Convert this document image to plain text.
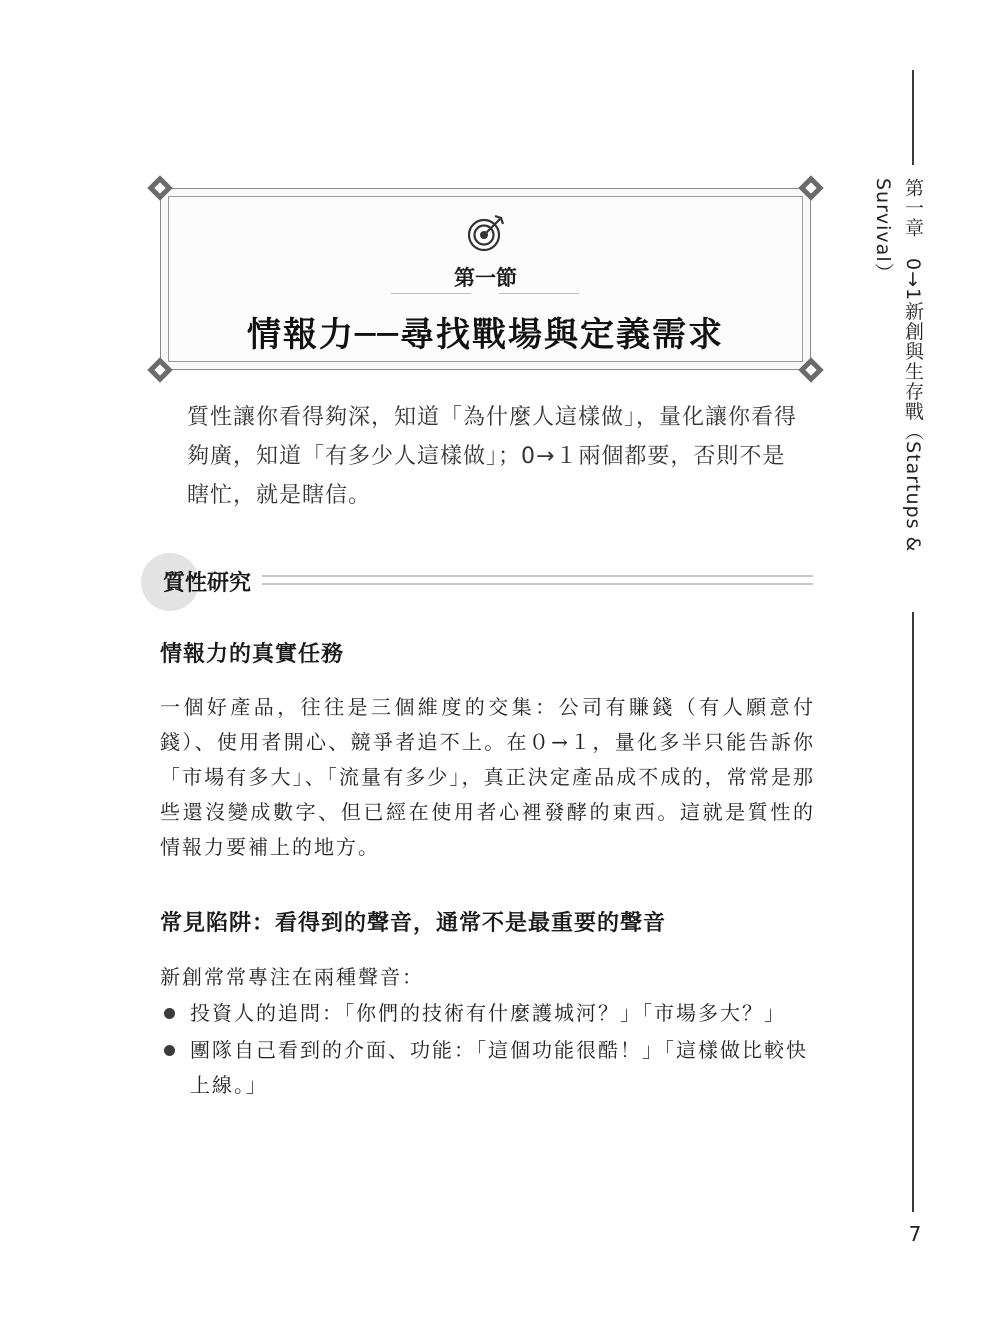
第一章　0→1新創與生存戰（Startups & Survival）
7
第一節
情報力──尋找戰場與定義需求
質性讓你看得夠深，知道「為什麼人這樣做」，量化讓你看得夠廣，知道「有多少人這樣做」；0→１兩個都要，否則不是瞎忙，就是瞎信。
質性研究
情報力的真實任務
一個好產品，往往是三個維度的交集：公司有賺錢（有人願意付錢）、使用者開心、競爭者追不上。在０→１，量化多半只能告訴你「市場有多大」、「流量有多少」，真正決定產品成不成的，常常是那些還沒變成數字、但已經在使用者心裡發酵的東西。這就是質性的情報力要補上的地方。
常見陷阱：看得到的聲音，通常不是最重要的聲音
新創常常專注在兩種聲音：
投資人的追問：「你們的技術有什麼護城河？」「市場多大？」
團隊自己看到的介面、功能：「這個功能很酷！」「這樣做比較快上線。」
